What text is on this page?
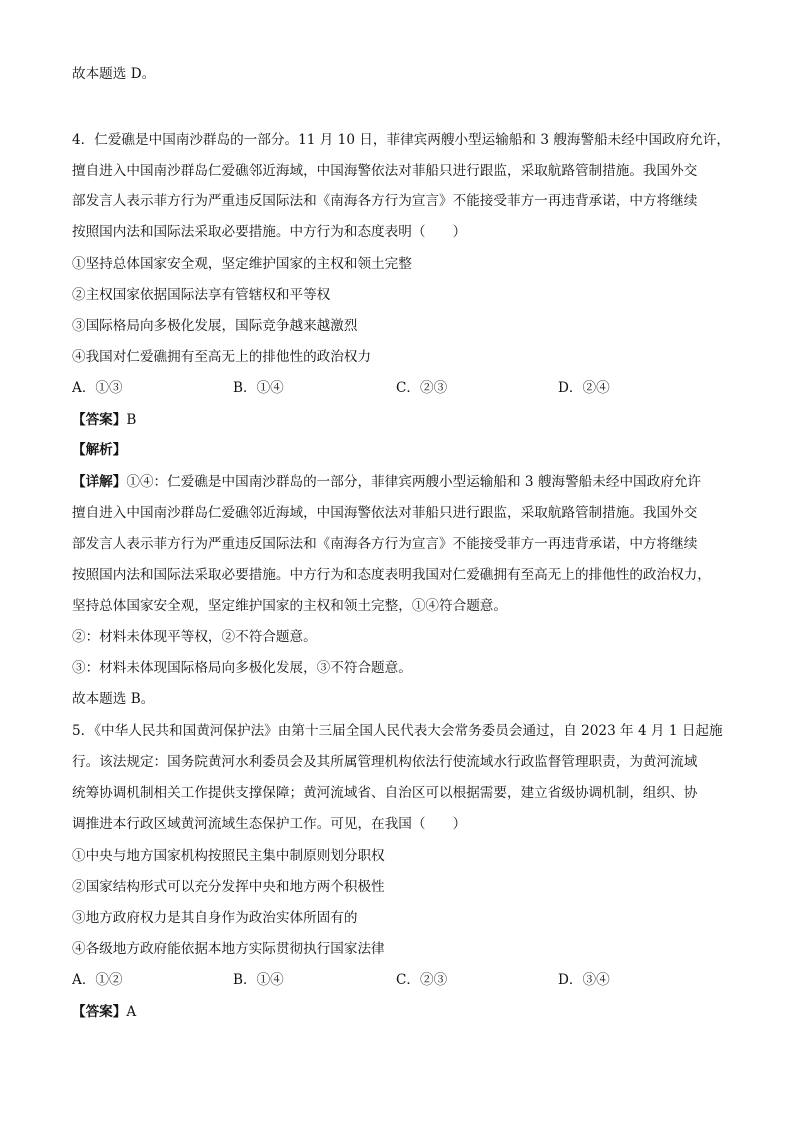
故本题选 D。
4．仁爱礁是中国南沙群岛的一部分。11 月 10 日，菲律宾两艘小型运输船和 3 艘海警船未经中国政府允许，
擅自进入中国南沙群岛仁爱礁邻近海域，中国海警依法对菲船只进行跟监，采取航路管制措施。我国外交
部发言人表示菲方行为严重违反国际法和《南海各方行为宣言》不能接受菲方一再违背承诺，中方将继续
按照国内法和国际法采取必要措施。中方行为和态度表明（　　）
①坚持总体国家安全观，坚定维护国家的主权和领土完整
②主权国家依据国际法享有管辖权和平等权
③国际格局向多极化发展，国际竞争越来越激烈
④我国对仁爱礁拥有至高无上的排他性的政治权力
A．①③	B．①④	C．②③	D．②④
【答案】B
【解析】
【详解】①④：仁爱礁是中国南沙群岛的一部分，菲律宾两艘小型运输船和 3 艘海警船未经中国政府允许
擅自进入中国南沙群岛仁爱礁邻近海域，中国海警依法对菲船只进行跟监，采取航路管制措施。我国外交
部发言人表示菲方行为严重违反国际法和《南海各方行为宣言》不能接受菲方一再违背承诺，中方将继续
按照国内法和国际法采取必要措施。中方行为和态度表明我国对仁爱礁拥有至高无上的排他性的政治权力，
坚持总体国家安全观，坚定维护国家的主权和领土完整，①④符合题意。
②：材料未体现平等权，②不符合题意。
③：材料未体现国际格局向多极化发展，③不符合题意。
故本题选 B。
5．《中华人民共和国黄河保护法》由第十三届全国人民代表大会常务委员会通过，自 2023 年 4 月 1 日起施
行。该法规定：国务院黄河水利委员会及其所属管理机构依法行使流域水行政监督管理职责，为黄河流域
统筹协调机制相关工作提供支撑保障；黄河流域省、自治区可以根据需要，建立省级协调机制，组织、协
调推进本行政区域黄河流域生态保护工作。可见，在我国（　　）
①中央与地方国家机构按照民主集中制原则划分职权
②国家结构形式可以充分发挥中央和地方两个积极性
③地方政府权力是其自身作为政治实体所固有的
④各级地方政府能依据本地方实际贯彻执行国家法律
A．①②	B．①④	C．②③	D．③④
【答案】A
